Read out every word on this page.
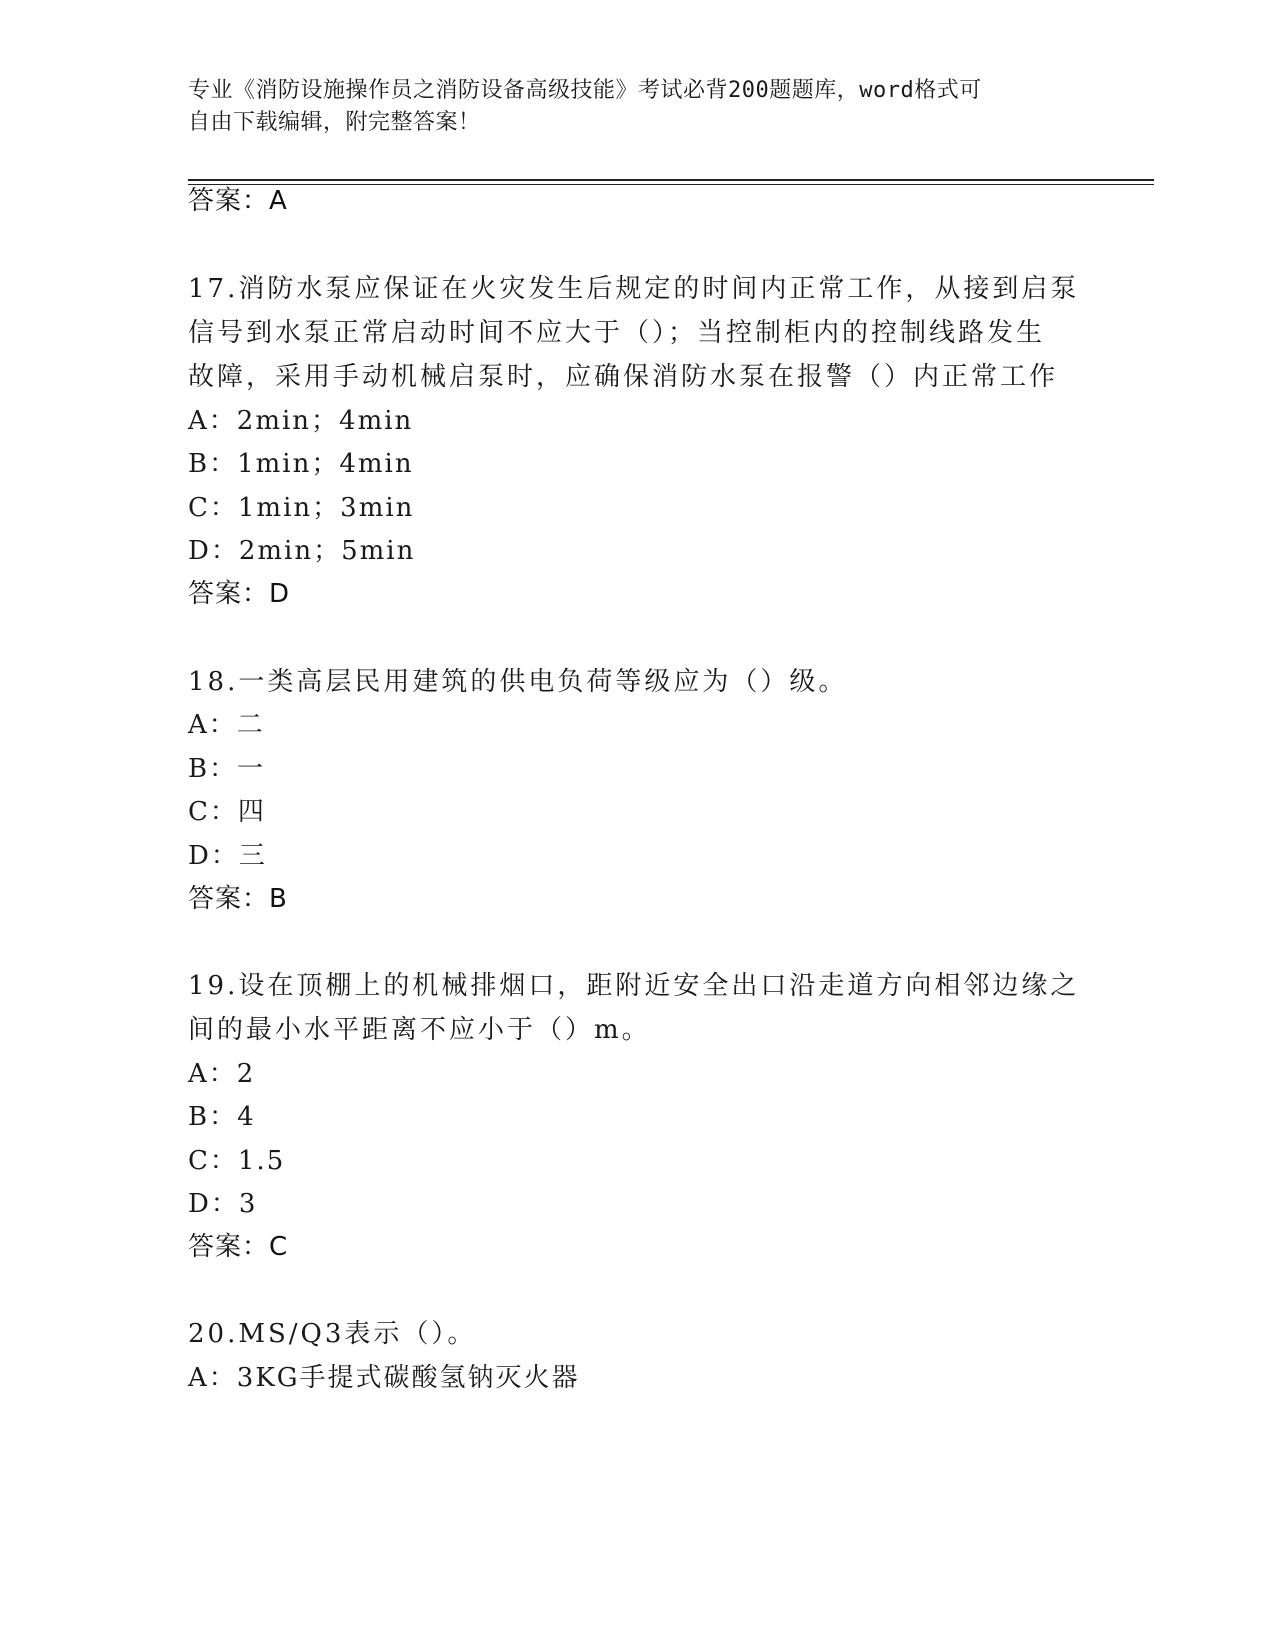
专业《消防设施操作员之消防设备高级技能》考试必背200题题库，word格式可
自由下载编辑，附完整答案！
答案：A
17.消防水泵应保证在火灾发生后规定的时间内正常工作，从接到启泵
信号到水泵正常启动时间不应大于（）；当控制柜内的控制线路发生
故障，采用手动机械启泵时，应确保消防水泵在报警（）内正常工作
A：2min；4min
B：1min；4min
C：1min；3min
D：2min；5min
答案：D
18.一类高层民用建筑的供电负荷等级应为（）级。
A：二
B：一
C：四
D：三
答案：B
19.设在顶棚上的机械排烟口，距附近安全出口沿走道方向相邻边缘之
间的最小水平距离不应小于（）m。
A：2
B：4
C：1.5
D：3
答案：C
20.MS/Q3表示（）。
A：3KG手提式碳酸氢钠灭火器
